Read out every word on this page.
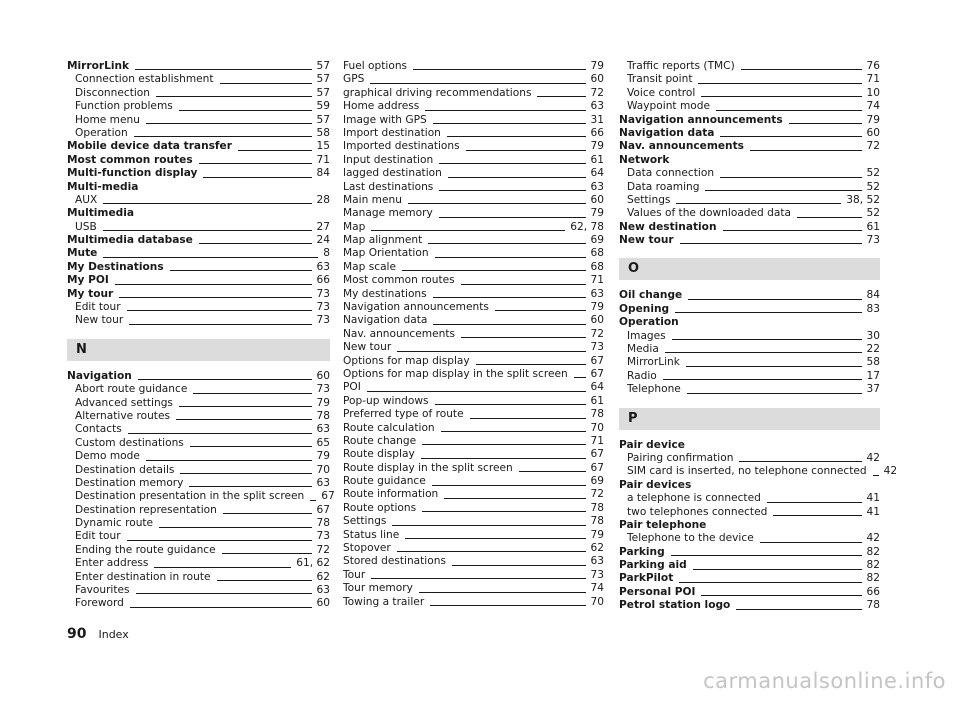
MirrorLink	57
Connection establishment	57
Disconnection	57
Function problems	59
Home menu	57
Operation	58
Mobile device data transfer	15
Most common routes	71
Multi-function display	84
Multi-media
AUX	28
Multimedia
USB	27
Multimedia database	24
Mute	8
My Destinations	63
My POI	66
My tour	73
Edit tour	73
New tour	73
N
Navigation	60
Abort route guidance	73
Advanced settings	79
Alternative routes	78
Contacts	63
Custom destinations	65
Demo mode	79
Destination details	70
Destination memory	63
Destination presentation in the split screen 67
Destination representation	67
Dynamic route	78
Edit tour	73
Ending the route guidance	72
Enter address	61, 62
Enter destination in route	62
Favourites	63
Foreword	60
Fuel options	79
GPS	60
graphical driving recommendations	72
Home address	63
Image with GPS	31
Import destination	66
Imported destinations	79
Input destination	61
lagged destination	64
Last destinations	63
Main menu	60
Manage memory	79
Map	62, 78
Map alignment	69
Map Orientation	68
Map scale	68
Most common routes	71
My destinations	63
Navigation announcements	79
Navigation data	60
Nav. announcements	72
New tour	73
Options for map display	67
Options for map display in the split screen 67
POI	64
Pop-up windows	61
Preferred type of route	78
Route calculation	70
Route change	71
Route display	67
Route display in the split screen	67
Route guidance	69
Route information	72
Route options	78
Settings	78
Status line	79
Stopover	62
Stored destinations	63
Tour	73
Tour memory	74
Towing a trailer	70
Traffic reports (TMC)	76
Transit point	71
Voice control	10
Waypoint mode	74
Navigation announcements	79
Navigation data	60
Nav. announcements	72
Network
Data connection	52
Data roaming	52
Settings	38, 52
Values of the downloaded data	52
New destination	61
New tour	73
O
Oil change	84
Opening	83
Operation
Images	30
Media	22
MirrorLink	58
Radio	17
Telephone	37
P
Pair device
Pairing confirmation	42
SIM card is inserted, no telephone connected 42
Pair devices
a telephone is connected	41
two telephones connected	41
Pair telephone
Telephone to the device	42
Parking	82
Parking aid	82
ParkPilot	82
Personal POI	66
Petrol station logo	78
90 Index
carmanualsonline.info
